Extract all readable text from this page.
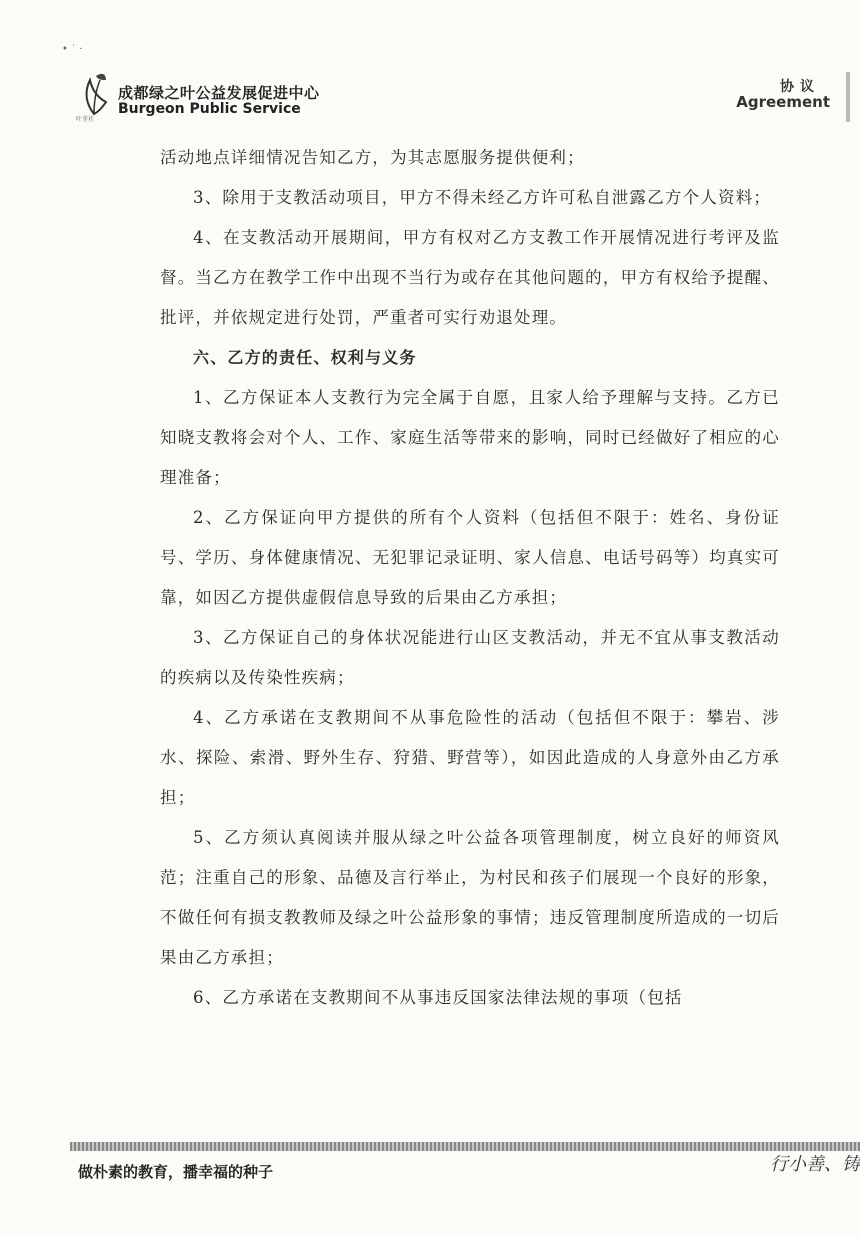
• ˙ ·
叶芽社
成都绿之叶公益发展促进中心
Burgeon Public Service
协议
Agreement

活动地点详细情况告知乙方，为其志愿服务提供便利；

3、除用于支教活动项目，甲方不得未经乙方许可私自泄露乙方个人资料；

4、在支教活动开展期间，甲方有权对乙方支教工作开展情况进行考评及监督。当乙方在教学工作中出现不当行为或存在其他问题的，甲方有权给予提醒、批评，并依规定进行处罚，严重者可实行劝退处理。

六、乙方的责任、权利与义务

1、乙方保证本人支教行为完全属于自愿，且家人给予理解与支持。乙方已知晓支教将会对个人、工作、家庭生活等带来的影响，同时已经做好了相应的心理准备；

2、乙方保证向甲方提供的所有个人资料（包括但不限于：姓名、身份证号、学历、身体健康情况、无犯罪记录证明、家人信息、电话号码等）均真实可靠，如因乙方提供虚假信息导致的后果由乙方承担；

3、乙方保证自己的身体状况能进行山区支教活动，并无不宜从事支教活动的疾病以及传染性疾病；

4、乙方承诺在支教期间不从事危险性的活动（包括但不限于：攀岩、涉水、探险、索滑、野外生存、狩猎、野营等），如因此造成的人身意外由乙方承担；

5、乙方须认真阅读并服从绿之叶公益各项管理制度，树立良好的师资风范；注重自己的形象、品德及言行举止，为村民和孩子们展现一个良好的形象，不做任何有损支教教师及绿之叶公益形象的事情；违反管理制度所造成的一切后果由乙方承担；

6、乙方承诺在支教期间不从事违反国家法律法规的事项（包括

做朴素的教育，播幸福的种子	行小善、铸
